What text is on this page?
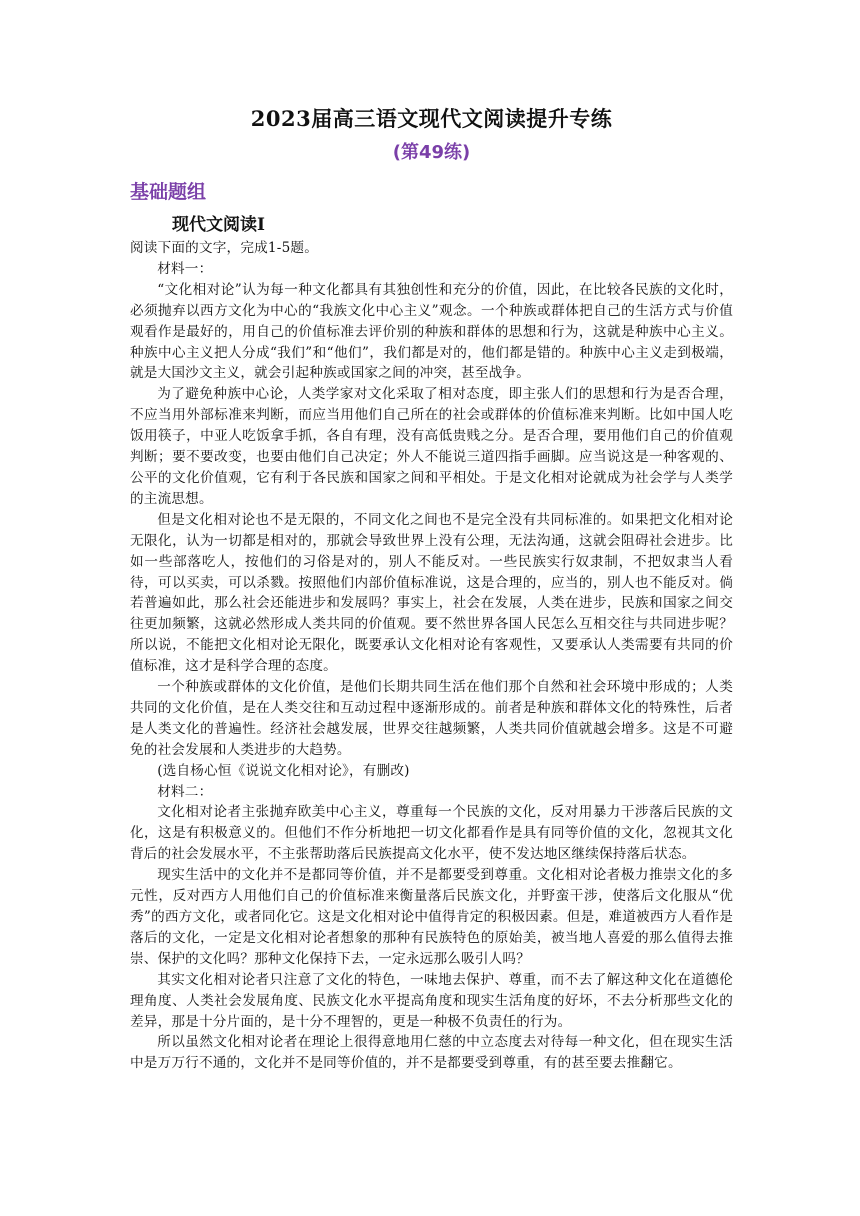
2023届高三语文现代文阅读提升专练
(第49练)
基础题组
现代文阅读Ⅰ

阅读下面的文字，完成1-5题。

材料一：

“文化相对论”认为每一种文化都具有其独创性和充分的价值，因此，在比较各民族的文化时，必须抛弃以西方文化为中心的“我族文化中心主义”观念。一个种族或群体把自己的生活方式与价值观看作是最好的，用自己的价值标准去评价别的种族和群体的思想和行为，这就是种族中心主义。种族中心主义把人分成“我们”和“他们”，我们都是对的，他们都是错的。种族中心主义走到极端，就是大国沙文主义，就会引起种族或国家之间的冲突，甚至战争。

为了避免种族中心论，人类学家对文化采取了相对态度，即主张人们的思想和行为是否合理，不应当用外部标准来判断，而应当用他们自己所在的社会或群体的价值标准来判断。比如中国人吃饭用筷子，中亚人吃饭拿手抓，各自有理，没有高低贵贱之分。是否合理，要用他们自己的价值观判断；要不要改变，也要由他们自己决定；外人不能说三道四指手画脚。应当说这是一种客观的、公平的文化价值观，它有利于各民族和国家之间和平相处。于是文化相对论就成为社会学与人类学的主流思想。

但是文化相对论也不是无限的，不同文化之间也不是完全没有共同标准的。如果把文化相对论无限化，认为一切都是相对的，那就会导致世界上没有公理，无法沟通，这就会阻碍社会进步。比如一些部落吃人，按他们的习俗是对的，别人不能反对。一些民族实行奴隶制，不把奴隶当人看待，可以买卖，可以杀戮。按照他们内部价值标准说，这是合理的，应当的，别人也不能反对。倘若普遍如此，那么社会还能进步和发展吗？事实上，社会在发展，人类在进步，民族和国家之间交往更加频繁，这就必然形成人类共同的价值观。要不然世界各国人民怎么互相交往与共同进步呢？所以说，不能把文化相对论无限化，既要承认文化相对论有客观性，又要承认人类需要有共同的价值标准，这才是科学合理的态度。

一个种族或群体的文化价值，是他们长期共同生活在他们那个自然和社会环境中形成的；人类共同的文化价值，是在人类交往和互动过程中逐渐形成的。前者是种族和群体文化的特殊性，后者是人类文化的普遍性。经济社会越发展，世界交往越频繁，人类共同价值就越会增多。这是不可避免的社会发展和人类进步的大趋势。

(选自杨心恒《说说文化相对论》，有删改)

材料二：

文化相对论者主张抛弃欧美中心主义，尊重每一个民族的文化，反对用暴力干涉落后民族的文化，这是有积极意义的。但他们不作分析地把一切文化都看作是具有同等价值的文化，忽视其文化背后的社会发展水平，不主张帮助落后民族提高文化水平，使不发达地区继续保持落后状态。

现实生活中的文化并不是都同等价值，并不是都要受到尊重。文化相对论者极力推崇文化的多元性，反对西方人用他们自己的价值标准来衡量落后民族文化，并野蛮干涉，使落后文化服从“优秀”的西方文化，或者同化它。这是文化相对论中值得肯定的积极因素。但是，难道被西方人看作是落后的文化，一定是文化相对论者想象的那种有民族特色的原始美，被当地人喜爱的那么值得去推崇、保护的文化吗？那种文化保持下去，一定永远那么吸引人吗？

其实文化相对论者只注意了文化的特色，一味地去保护、尊重，而不去了解这种文化在道德伦理角度、人类社会发展角度、民族文化水平提高角度和现实生活角度的好坏，不去分析那些文化的差异，那是十分片面的，是十分不理智的，更是一种极不负责任的行为。

所以虽然文化相对论者在理论上很得意地用仁慈的中立态度去对待每一种文化，但在现实生活中是万万行不通的，文化并不是同等价值的，并不是都要受到尊重，有的甚至要去推翻它。
